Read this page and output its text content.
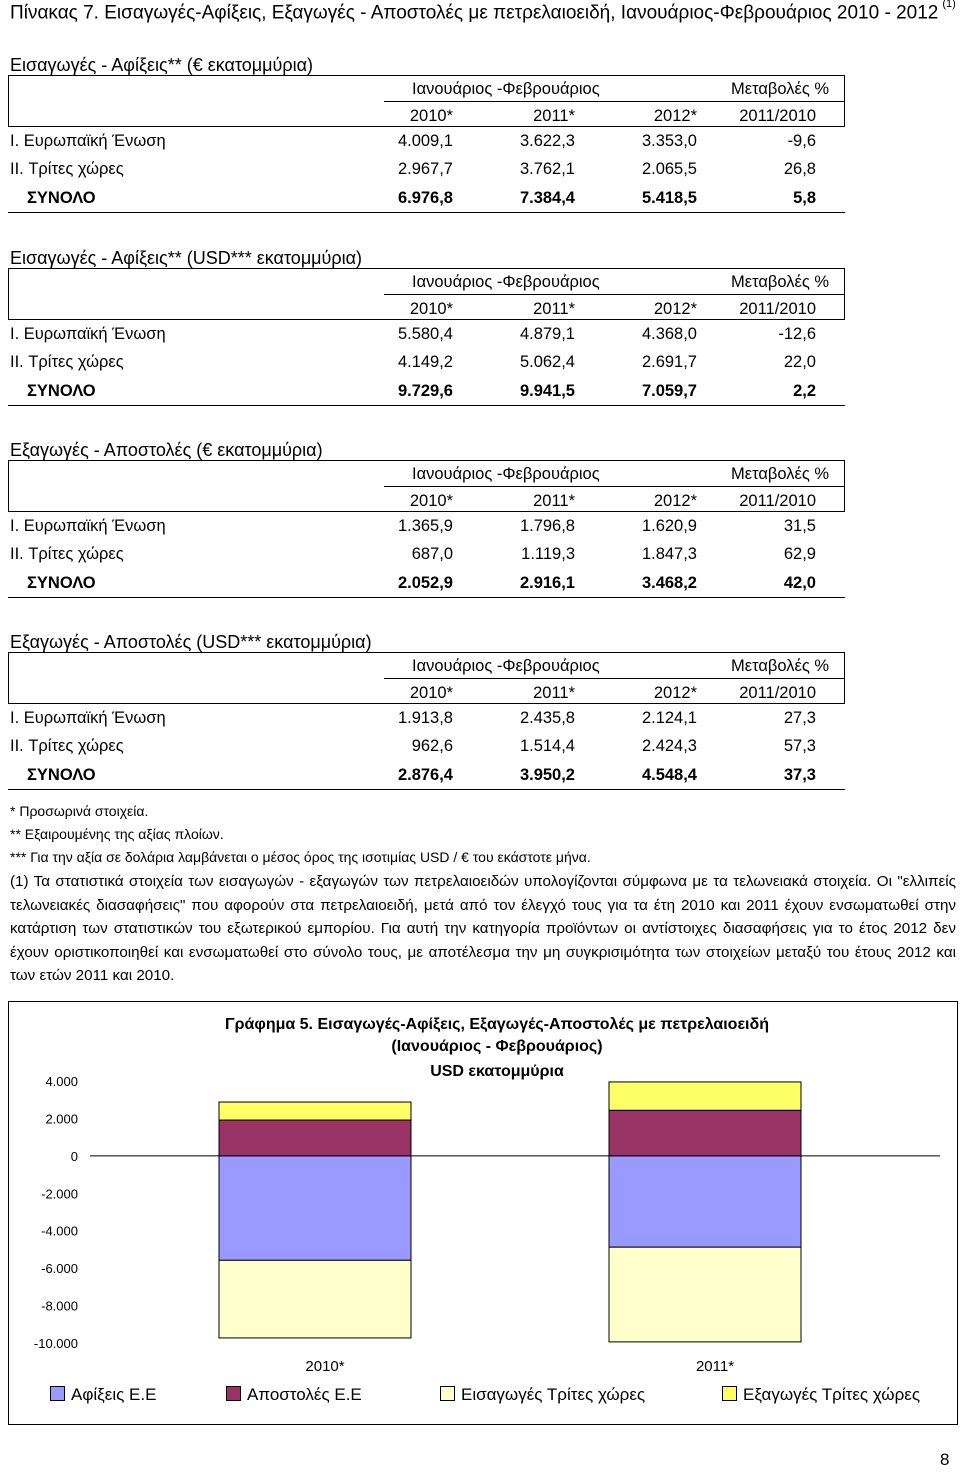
Πίνακας 7. Εισαγωγές-Αφίξεις, Εξαγωγές - Αποστολές με πετρελαιοειδή, Ιανουάριος-Φεβρουάριος 2010 - 2012 $^{(1)}$
Εισαγωγές - Αφίξεις** (€ εκατομμύρια)
Ιανουάριος -Φεβρουάριος	Μεταβολές %
2010*	2011*	2012*	2011/2010
I. Ευρωπαϊκή Ένωση	4.009,1	3.622,3	3.353,0	-9,6
II. Τρίτες χώρες	2.967,7	3.762,1	2.065,5	26,8
ΣΥΝΟΛΟ	6.976,8	7.384,4	5.418,5	5,8
Εισαγωγές - Αφίξεις** (USD*** εκατομμύρια)
Ιανουάριος -Φεβρουάριος	Μεταβολές %
2010*	2011*	2012*	2011/2010
I. Ευρωπαϊκή Ένωση	5.580,4	4.879,1	4.368,0	-12,6
II. Τρίτες χώρες	4.149,2	5.062,4	2.691,7	22,0
ΣΥΝΟΛΟ	9.729,6	9.941,5	7.059,7	2,2
Εξαγωγές - Αποστολές (€ εκατομμύρια)
Ιανουάριος -Φεβρουάριος	Μεταβολές %
2010*	2011*	2012*	2011/2010
I. Ευρωπαϊκή Ένωση	1.365,9	1.796,8	1.620,9	31,5
II. Τρίτες χώρες	687,0	1.119,3	1.847,3	62,9
ΣΥΝΟΛΟ	2.052,9	2.916,1	3.468,2	42,0
Εξαγωγές - Αποστολές (USD*** εκατομμύρια)
Ιανουάριος -Φεβρουάριος	Μεταβολές %
2010*	2011*	2012*	2011/2010
I. Ευρωπαϊκή Ένωση	1.913,8	2.435,8	2.124,1	27,3
II. Τρίτες χώρες	962,6	1.514,4	2.424,3	57,3
ΣΥΝΟΛΟ	2.876,4	3.950,2	4.548,4	37,3
* Προσωρινά στοιχεία.
** Εξαιρουμένης της αξίας πλοίων.
*** Για την αξία σε δολάρια λαμβάνεται ο μέσος όρος της ισοτιμίας USD / € του εκάστοτε μήνα.
(1) Τα στατιστικά στοιχεία των εισαγωγών - εξαγωγών των πετρελαιοειδών υπολογίζονται σύμφωνα με τα τελωνειακά στοιχεία. Οι "ελλιπείς τελωνειακές διασαφήσεις" που αφορούν στα πετρελαιοειδή, μετά από τον έλεγχό τους για τα έτη 2010 και 2011 έχουν ενσωματωθεί στην κατάρτιση των στατιστικών του εξωτερικού εμπορίου. Για αυτή την κατηγορία προϊόντων οι αντίστοιχες διασαφήσεις για το έτος 2012 δεν έχουν οριστικοποιηθεί και ενσωματωθεί στο σύνολο τους, με αποτέλεσμα την μη συγκρισιμότητα των στοιχείων μεταξύ του έτους 2012 και των ετών 2011 και 2010.
Γράφημα 5. Εισαγωγές-Αφίξεις, Εξαγωγές-Αποστολές με πετρελαιοειδή
(Ιανουάριος - Φεβρουάριος)
USD εκατομμύρια
4.000
2.000
0
-2.000
-4.000
-6.000
-8.000
-10.000
2010*	2011*
Αφίξεις Ε.Ε	Αποστολές Ε.Ε	Εισαγωγές Τρίτες χώρες	Εξαγωγές Τρίτες χώρες
8
